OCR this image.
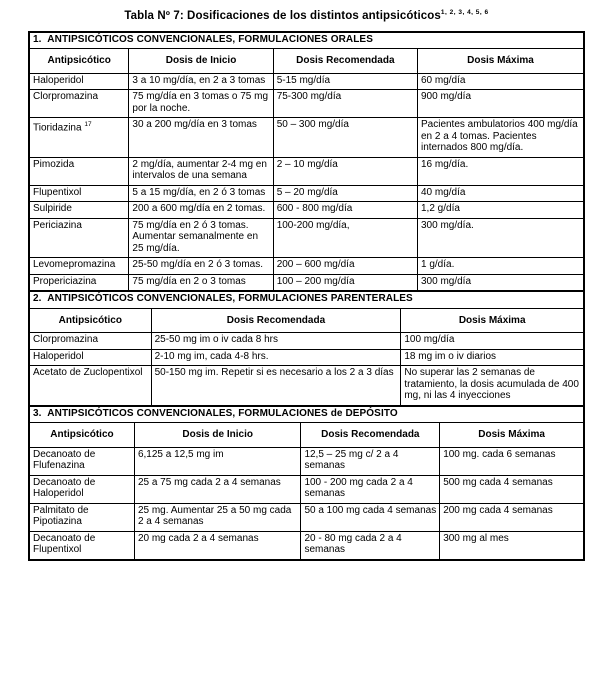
Tabla Nº 7: Dosificaciones de los distintos antipsicóticos$^{1, 2, 3, 4, 5, 6}$
1.  ANTIPSICÓTICOS CONVENCIONALES, FORMULACIONES ORALES			
Antipsicótico	Dosis de Inicio	Dosis Recomendada	Dosis Máxima
Haloperidol	3 a 10 mg/día, en 2 a 3 tomas	5-15 mg/día	60 mg/día
Clorpromazina	75 mg/día en 3 tomas o 75 mg por la noche.	75-300 mg/día	900 mg/día
Tioridazina $^{17}$	30 a 200 mg/día en 3 tomas	50 – 300 mg/día	Pacientes ambulatorios 400 mg/día en 2 a 4 tomas. Pacientes internados 800 mg/día.
Pimozida	2 mg/día, aumentar 2-4 mg en intervalos de una semana	2 – 10 mg/día	16 mg/día.
Flupentixol	5 a 15 mg/día, en 2 ó 3 tomas	5 – 20 mg/día	40 mg/día
Sulpiride	200 a 600 mg/día en 2 tomas.	600 - 800 mg/día	1,2 g/día
Periciazina	75 mg/día en 2 ó 3 tomas. Aumentar semanalmente en 25 mg/día.	100-200 mg/día,	300 mg/día.
Levomepromazina	25-50 mg/día en 2 ó 3 tomas.	200 – 600 mg/día	1 g/día.
Propericiazina	75 mg/día en 2 o 3 tomas	100 – 200 mg/día	300 mg/día
2.  ANTIPSICÓTICOS CONVENCIONALES, FORMULACIONES PARENTERALES		
Antipsicótico	Dosis Recomendada	Dosis Máxima
Clorpromazina	25-50 mg im o iv cada 8 hrs	100 mg/día
Haloperidol	2-10 mg im, cada 4-8 hrs.	18 mg im o iv diarios
Acetato de Zuclopentixol	50-150 mg im. Repetir si es necesario a los 2 a 3 días	No superar las 2 semanas de tratamiento, la dosis acumulada de 400 mg, ni las 4 inyecciones
3.  ANTIPSICÓTICOS CONVENCIONALES, FORMULACIONES de DEPÓSITO			
Antipsicótico	Dosis de Inicio	Dosis Recomendada	Dosis Máxima
Decanoato de Flufenazina	6,125 a 12,5 mg im	12,5 – 25 mg c/ 2 a 4 semanas	100 mg. cada 6 semanas
Decanoato de Haloperidol	25 a 75 mg cada 2 a 4 semanas	100 - 200 mg cada 2 a 4 semanas	500 mg cada 4 semanas
Palmitato de Pipotiazina	25 mg. Aumentar 25 a 50 mg cada 2 a 4 semanas	50 a 100 mg cada 4 semanas	200 mg cada 4 semanas
Decanoato de Flupentixol	20 mg cada 2 a 4 semanas	20 - 80 mg cada 2 a 4 semanas	300 mg al mes
